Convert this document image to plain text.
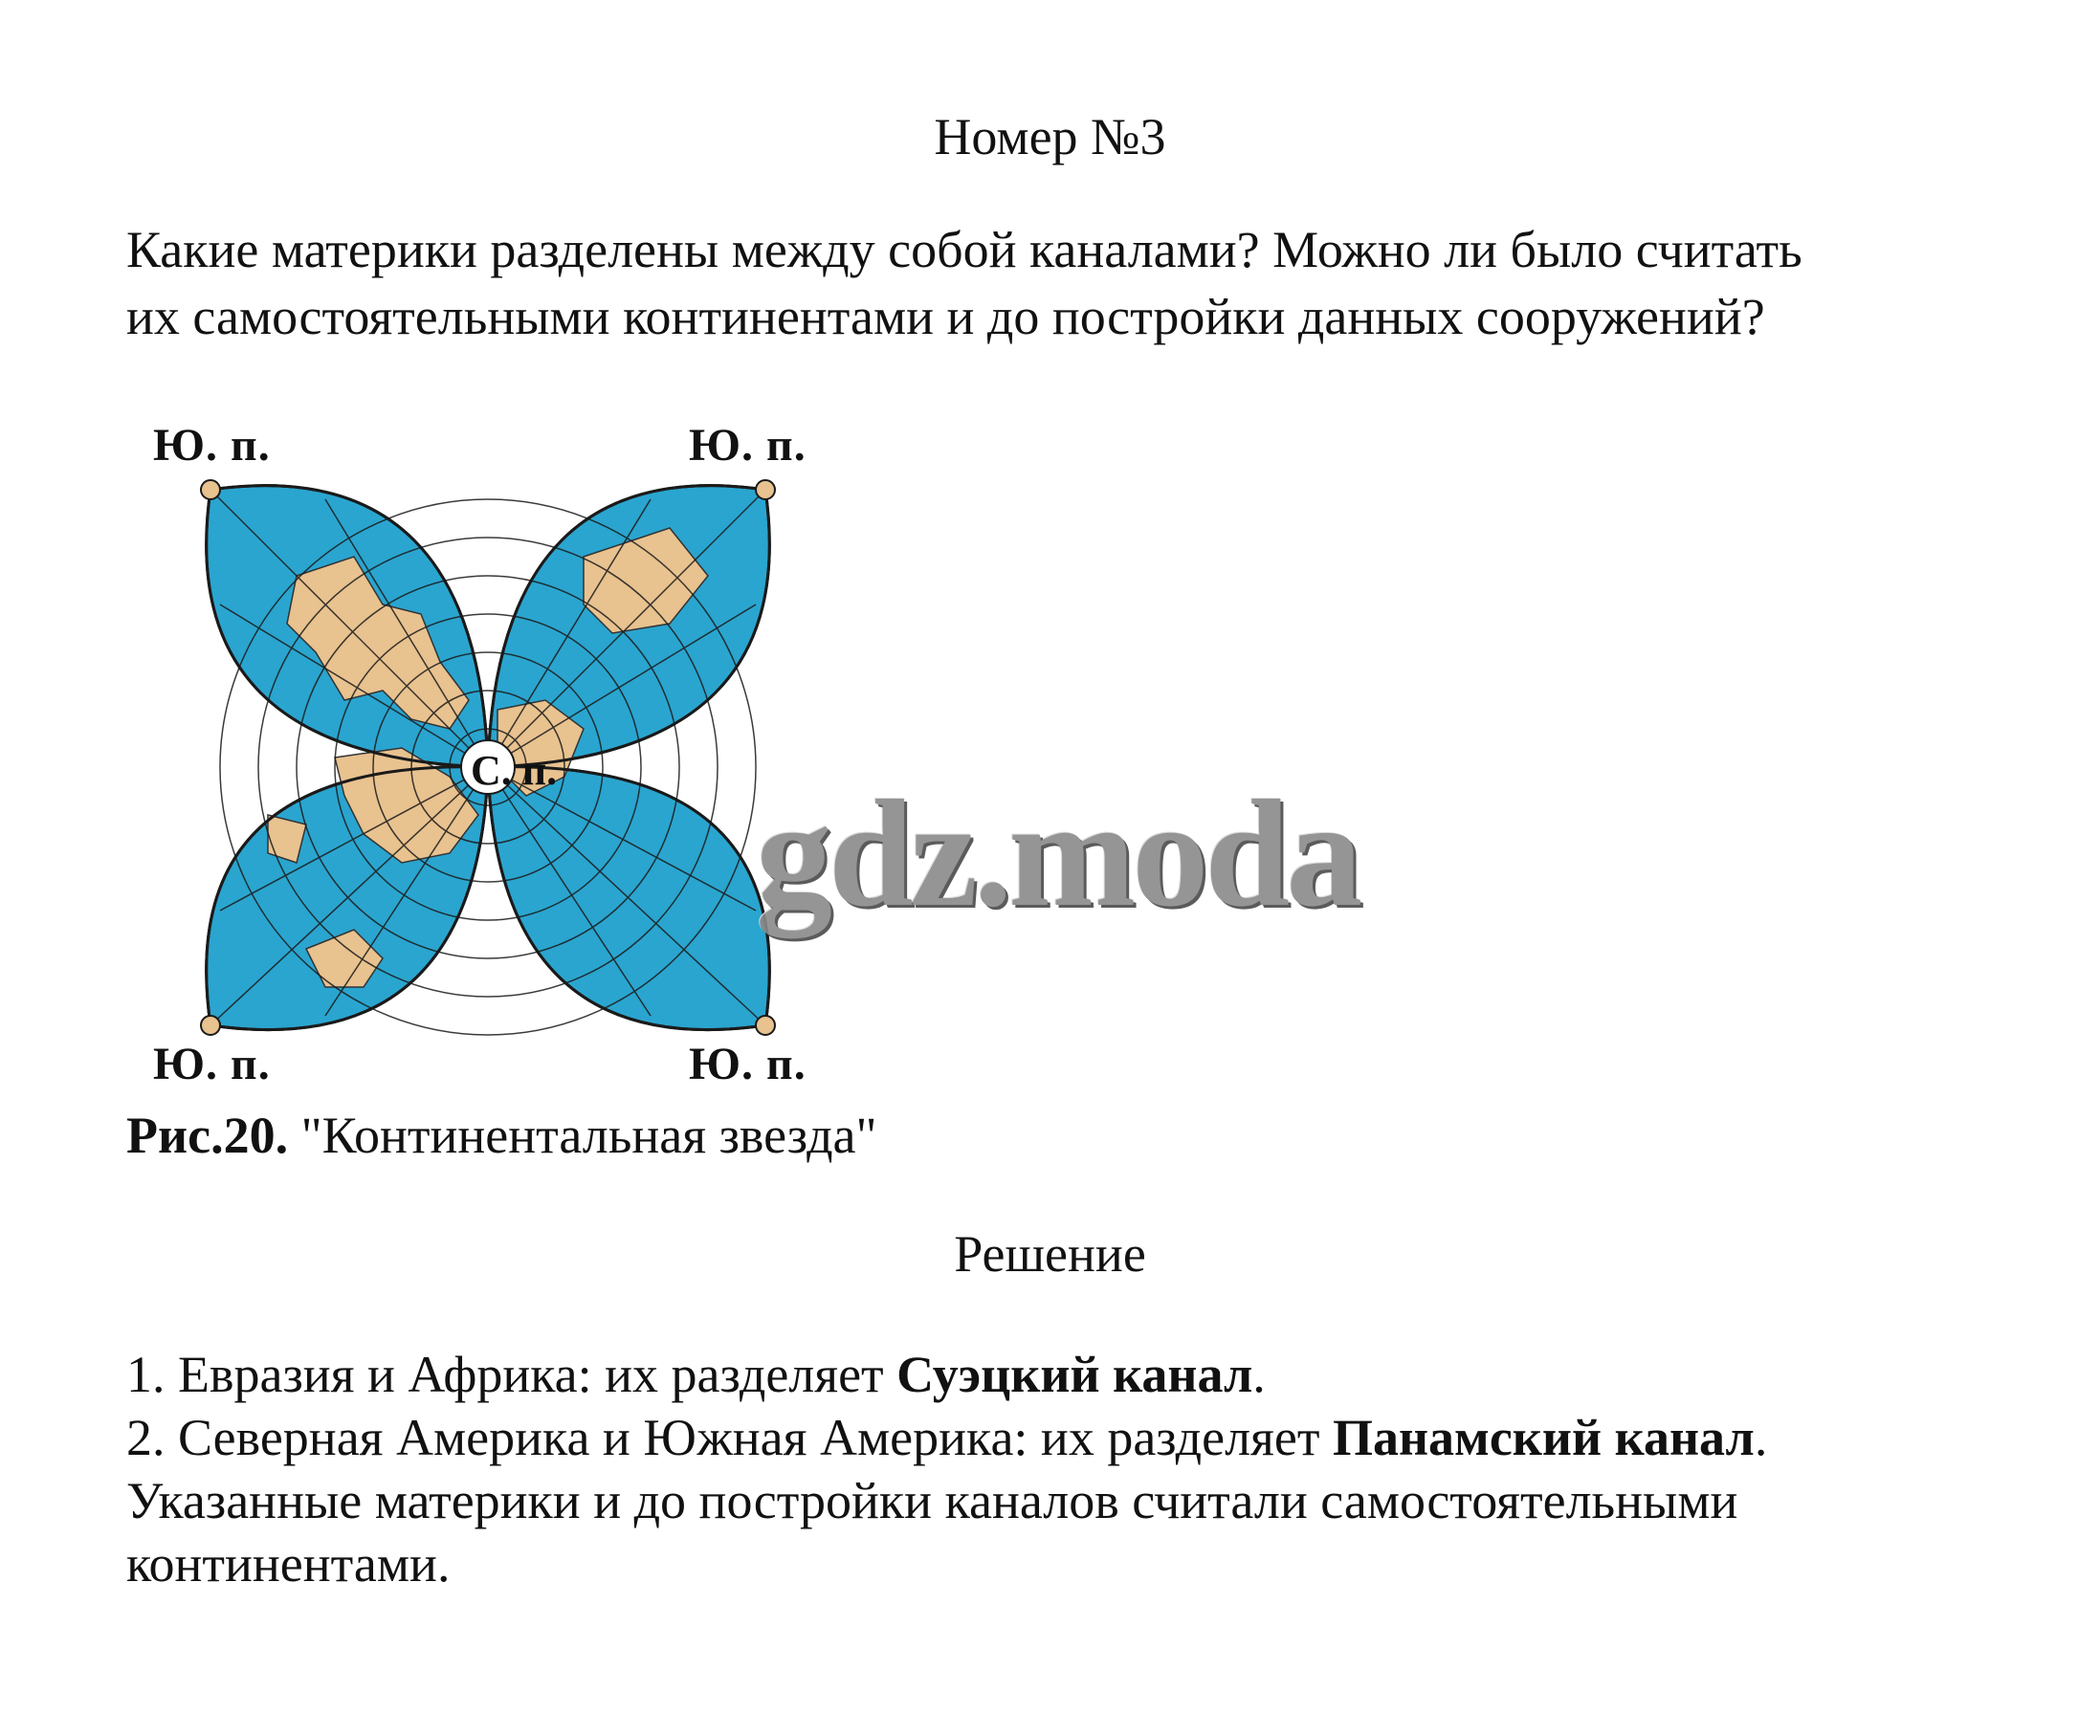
Номер №3
Какие материки разделены между собой каналами? Можно ли было считать
их самостоятельными континентами и до постройки данных сооружений?
С. п.
Ю. п.	Ю. п.
Ю. п.	Ю. п.
gdz.moda
Рис.20. "Континентальная звезда"
Решение
1. Евразия и Африка: их разделяет Суэцкий канал.
2. Северная Америка и Южная Америка: их разделяет Панамский канал.
Указанные материки и до постройки каналов считали самостоятельными
континентами.
